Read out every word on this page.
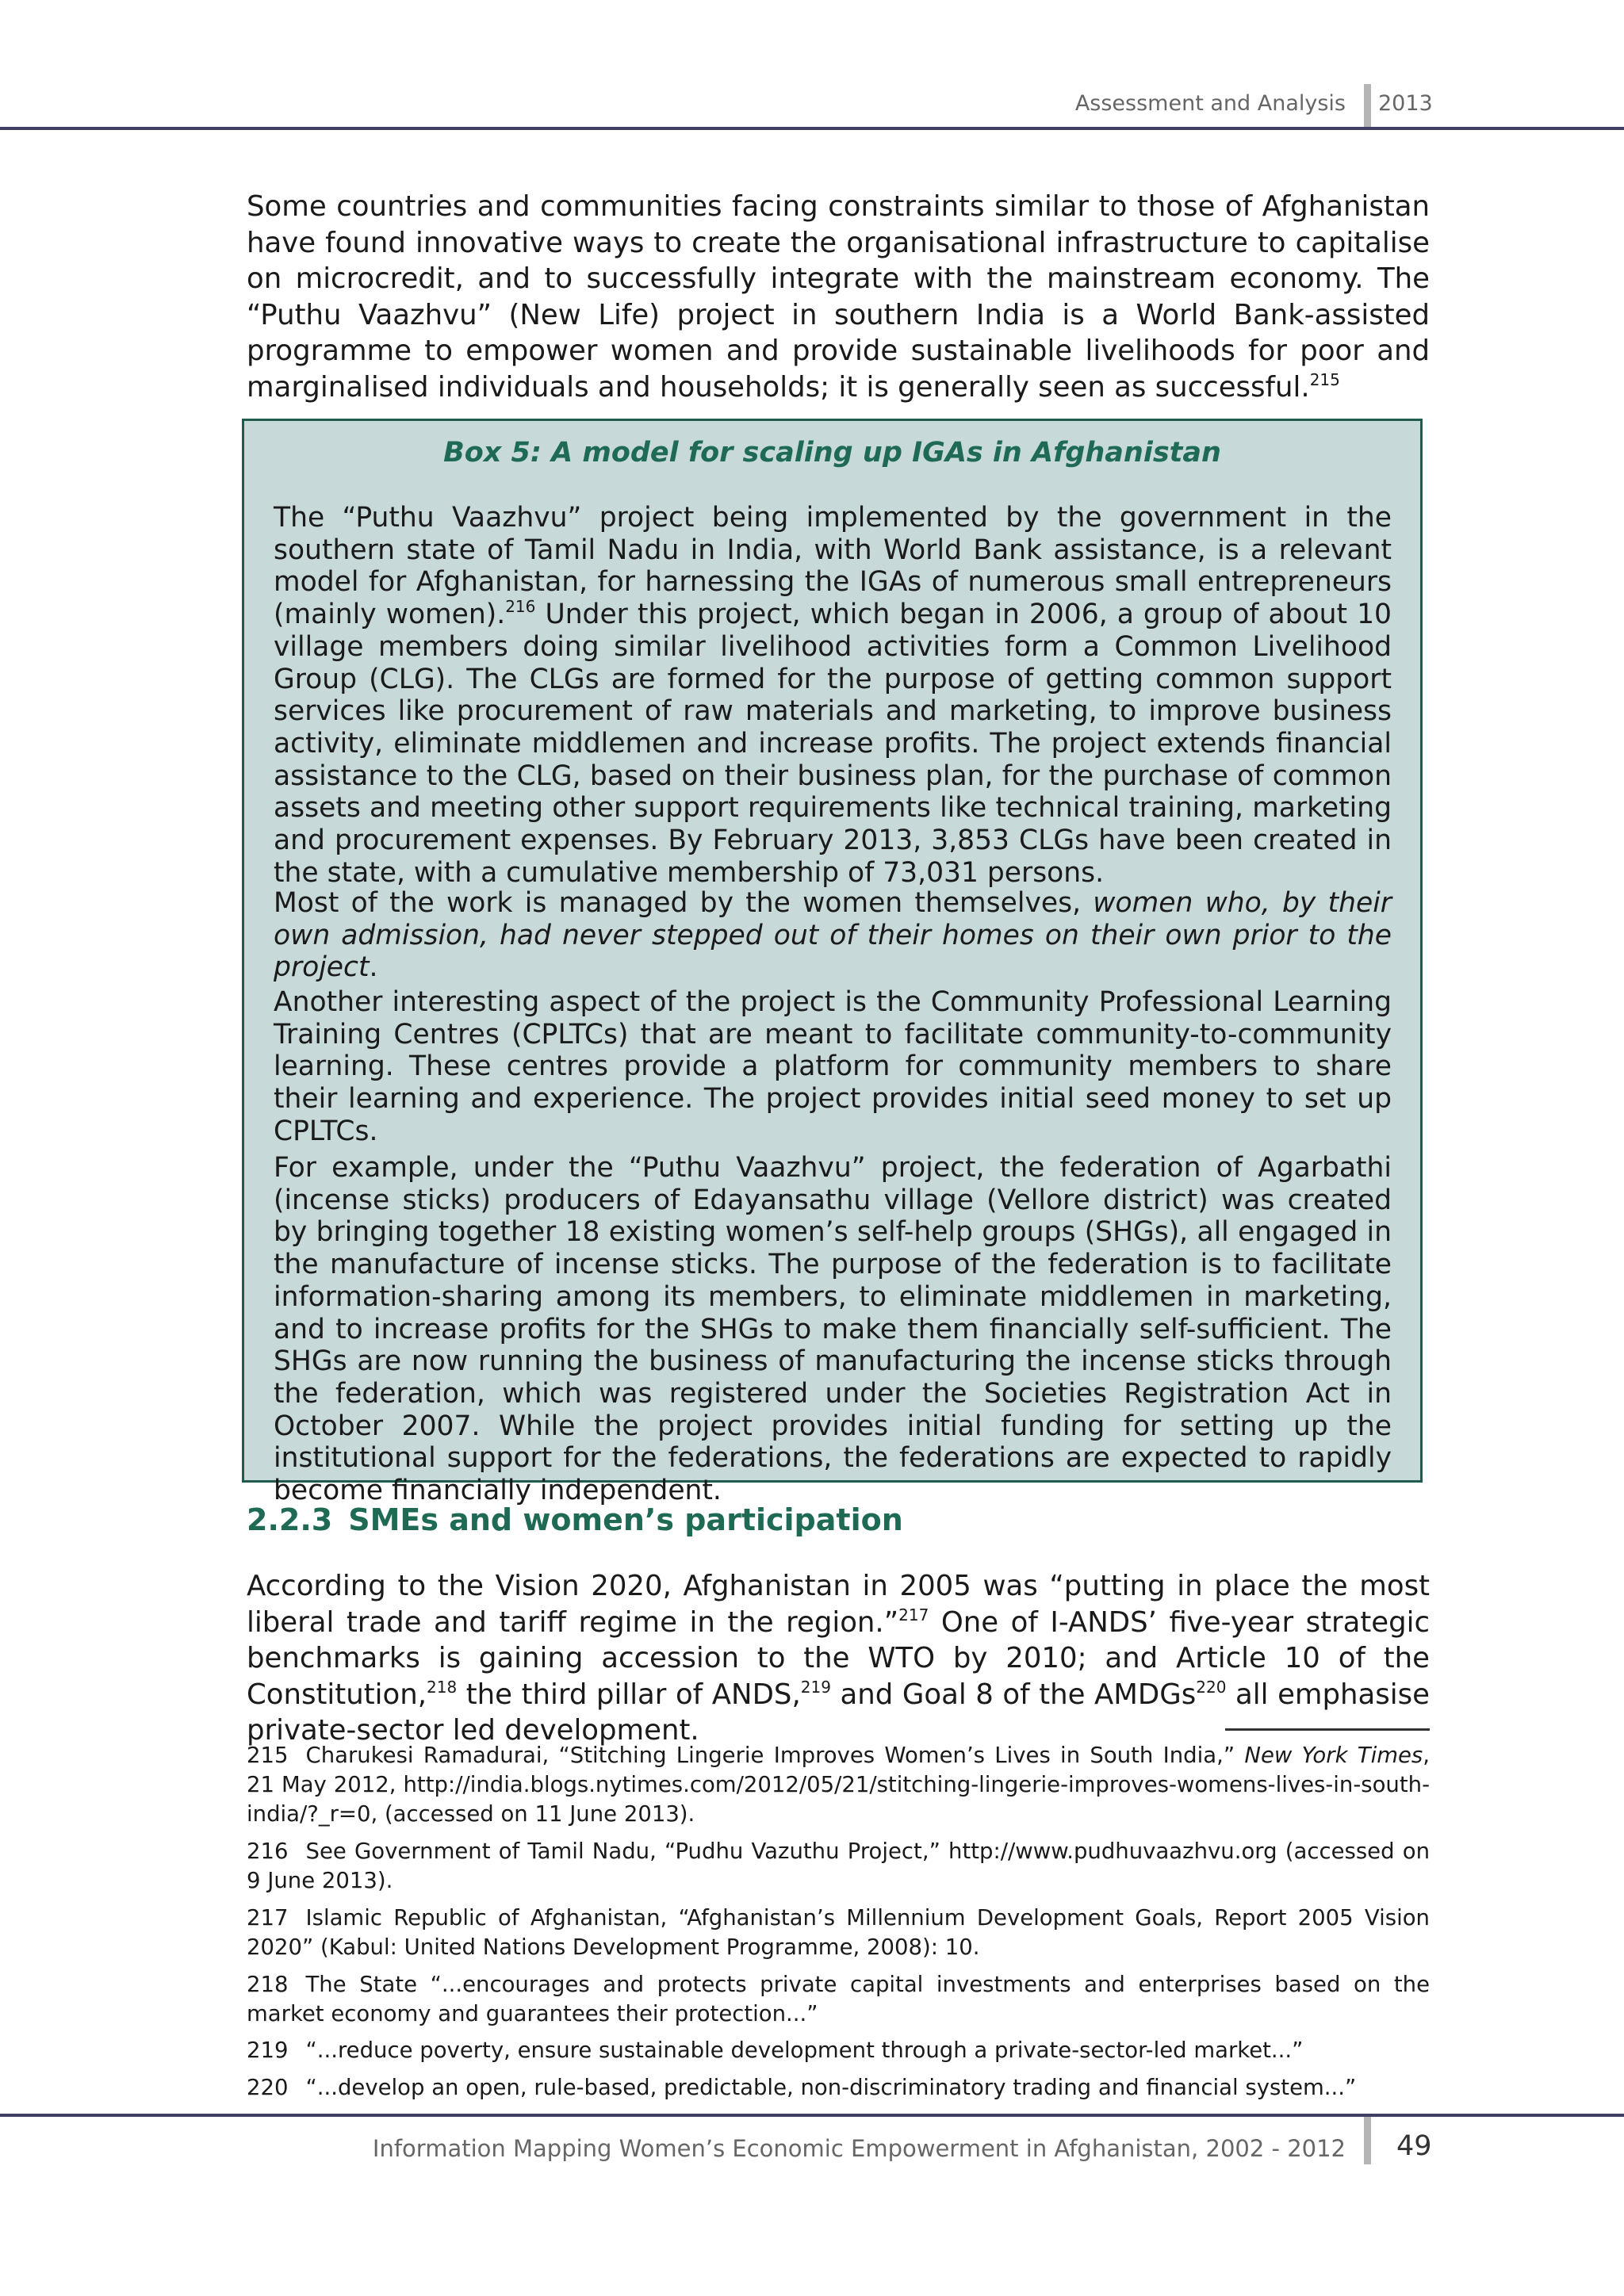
Assessment and Analysis 2013

Some countries and communities facing constraints similar to those of Afghanistan have found innovative ways to create the organisational infrastructure to capitalise on microcredit, and to successfully integrate with the mainstream economy. The “Puthu Vaazhvu” (New Life) project in southern India is a World Bank-assisted programme to empower women and provide sustainable livelihoods for poor and marginalised individuals and households; it is generally seen as successful.$^{215}$

Box 5: A model for scaling up IGAs in Afghanistan

The “Puthu Vaazhvu” project being implemented by the government in the southern state of Tamil Nadu in India, with World Bank assistance, is a relevant model for Afghanistan, for harnessing the IGAs of numerous small entrepreneurs (mainly women).$^{216}$ Under this project, which began in 2006, a group of about 10 village members doing similar livelihood activities form a Common Livelihood Group (CLG). The CLGs are formed for the purpose of getting common support services like procurement of raw materials and marketing, to improve business activity, eliminate middlemen and increase profits. The project extends financial assistance to the CLG, based on their business plan, for the purchase of common assets and meeting other support requirements like technical training, marketing and procurement expenses. By February 2013, 3,853 CLGs have been created in the state, with a cumulative membership of 73,031 persons.

Most of the work is managed by the women themselves, women who, by their own admission, had never stepped out of their homes on their own prior to the project.

Another interesting aspect of the project is the Community Professional Learning Training Centres (CPLTCs) that are meant to facilitate community-to-community learning. These centres provide a platform for community members to share their learning and experience. The project provides initial seed money to set up CPLTCs.

For example, under the “Puthu Vaazhvu” project, the federation of Agarbathi (incense sticks) producers of Edayansathu village (Vellore district) was created by bringing together 18 existing women’s self-help groups (SHGs), all engaged in the manufacture of incense sticks. The purpose of the federation is to facilitate information-sharing among its members, to eliminate middlemen in marketing, and to increase profits for the SHGs to make them financially self-sufficient. The SHGs are now running the business of manufacturing the incense sticks through the federation, which was registered under the Societies Registration Act in October 2007. While the project provides initial funding for setting up the institutional support for the federations, the federations are expected to rapidly become financially independent.

2.2.3 SMEs and women’s participation

According to the Vision 2020, Afghanistan in 2005 was “putting in place the most liberal trade and tariff regime in the region.”$^{217}$ One of I-ANDS’ five-year strategic benchmarks is gaining accession to the WTO by 2010; and Article 10 of the Constitution,$^{218}$ the third pillar of ANDS,$^{219}$ and Goal 8 of the AMDGs$^{220}$ all emphasise private-sector led development.

215 Charukesi Ramadurai, “Stitching Lingerie Improves Women’s Lives in South India,” New York Times, 21 May 2012, http://india.blogs.nytimes.com/2012/05/21/stitching-lingerie-improves-womens-lives-in-south-india/?_r=0, (accessed on 11 June 2013).

216 See Government of Tamil Nadu, “Pudhu Vazuthu Project,” http://www.pudhuvaazhvu.org (accessed on 9 June 2013).

217 Islamic Republic of Afghanistan, “Afghanistan’s Millennium Development Goals, Report 2005 Vision 2020” (Kabul: United Nations Development Programme, 2008): 10.

218 The State “...encourages and protects private capital investments and enterprises based on the market economy and guarantees their protection...”

219 “...reduce poverty, ensure sustainable development through a private-sector-led market...”

220 “...develop an open, rule-based, predictable, non-discriminatory trading and financial system...”

Information Mapping Women’s Economic Empowerment in Afghanistan, 2002 - 2012 49
